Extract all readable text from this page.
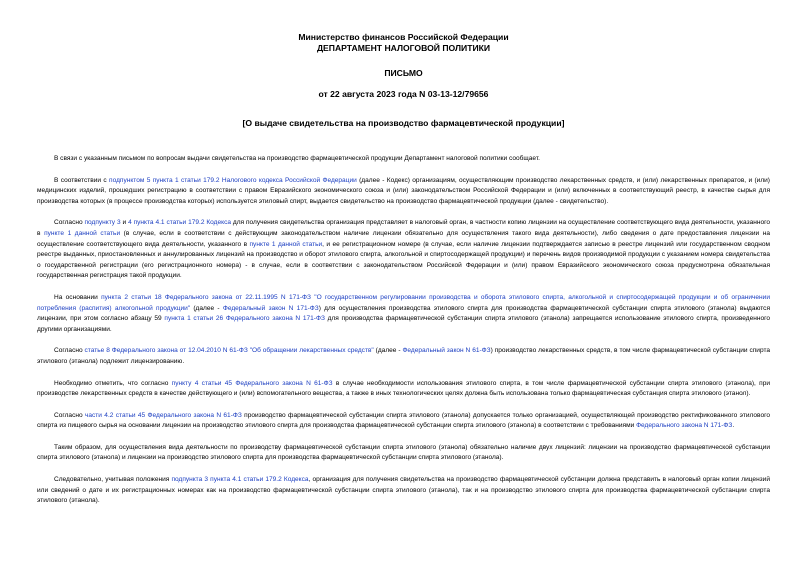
Министерство финансов Российской Федерации
ДЕПАРТАМЕНТ НАЛОГОВОЙ ПОЛИТИКИ
ПИСЬМО
от 22 августа 2023 года N 03-13-12/79656
[О выдаче свидетельства на производство фармацевтической продукции]

В связи с указанным письмом по вопросам выдачи свидетельства на производство фармацевтической продукции Департамент налоговой политики сообщает.

В соответствии с подпунктом 5 пункта 1 статьи 179.2 Налогового кодекса Российской Федерации (далее - Кодекс) организациям, осуществляющим производство лекарственных средств, и (или) лекарственных препаратов, и (или) медицинских изделий, прошедших регистрацию в соответствии с правом Евразийского экономического союза и (или) законодательством Российской Федерации и (или) включенных в соответствующий реестр, в качестве сырья для производства которых (в процессе производства которых) используется этиловый спирт, выдается свидетельство на производство фармацевтической продукции (далее - свидетельство).

Согласно подпункту 3 и 4 пункта 4.1 статьи 179.2 Кодекса для получения свидетельства организация представляет в налоговый орган, в частности копию лицензии на осуществление соответствующего вида деятельности, указанного в пункте 1 данной статьи (в случае, если в соответствии с действующим законодательством наличие лицензии обязательно для осуществления такого вида деятельности), либо сведения о дате предоставления лицензии на осуществление соответствующего вида деятельности, указанного в пункте 1 данной статьи, и ее регистрационном номере (в случае, если наличие лицензии подтверждается записью в реестре лицензий или государственном сводном реестре выданных, приостановленных и аннулированных лицензий на производство и оборот этилового спирта, алкогольной и спиртосодержащей продукции) и перечень видов производимой продукции с указанием номера свидетельства о государственной регистрации (его регистрационного номера) - в случае, если в соответствии с законодательством Российской Федерации и (или) правом Евразийского экономического союза предусмотрена обязательная государственная регистрация такой продукции.

На основании пункта 2 статьи 18 Федерального закона от 22.11.1995 N 171-ФЗ "О государственном регулировании производства и оборота этилового спирта, алкогольной и спиртосодержащей продукции и об ограничении потребления (распития) алкогольной продукции" (далее - Федеральный закон N 171-ФЗ) для осуществления производства этилового спирта для производства фармацевтической субстанции спирта этилового (этанола) выдаются лицензии, при этом согласно абзацу 59 пункта 1 статьи 26 Федерального закона N 171-ФЗ для производства фармацевтической субстанции спирта этилового (этанола) запрещается использование этилового спирта, произведенного другими организациями.

Согласно статье 8 Федерального закона от 12.04.2010 N 61-ФЗ "Об обращении лекарственных средств" (далее - Федеральный закон N 61-ФЗ) производство лекарственных средств, в том числе фармацевтической субстанции спирта этилового (этанола) подлежит лицензированию.

Необходимо отметить, что согласно пункту 4 статьи 45 Федерального закона N 61-ФЗ в случае необходимости использования этилового спирта, в том числе фармацевтической субстанции спирта этилового (этанола), при производстве лекарственных средств в качестве действующего и (или) вспомогательного вещества, а также в иных технологических целях должна быть использована только фармацевтическая субстанция спирта этилового (этанол).

Согласно части 4.2 статьи 45 Федерального закона N 61-ФЗ производство фармацевтической субстанции спирта этилового (этанола) допускается только организацией, осуществляющей производство ректификованного этилового спирта из пищевого сырья на основании лицензии на производство этилового спирта для производства фармацевтической субстанции спирта этилового (этанола) в соответствии с требованиями Федерального закона N 171-ФЗ.

Таким образом, для осуществления вида деятельности по производству фармацевтической субстанции спирта этилового (этанола) обязательно наличие двух лицензий: лицензии на производство фармацевтической субстанции спирта этилового (этанола) и лицензии на производство этилового спирта для производства фармацевтической субстанции спирта этилового (этанола).

Следовательно, учитывая положения подпункта 3 пункта 4.1 статьи 179.2 Кодекса, организация для получения свидетельства на производство фармацевтической субстанции должна представить в налоговый орган копии лицензий или сведений о дате и их регистрационных номерах как на производство фармацевтической субстанции спирта этилового (этанола), так и на производство этилового спирта для производства фармацевтической субстанции спирта этилового (этанола).
